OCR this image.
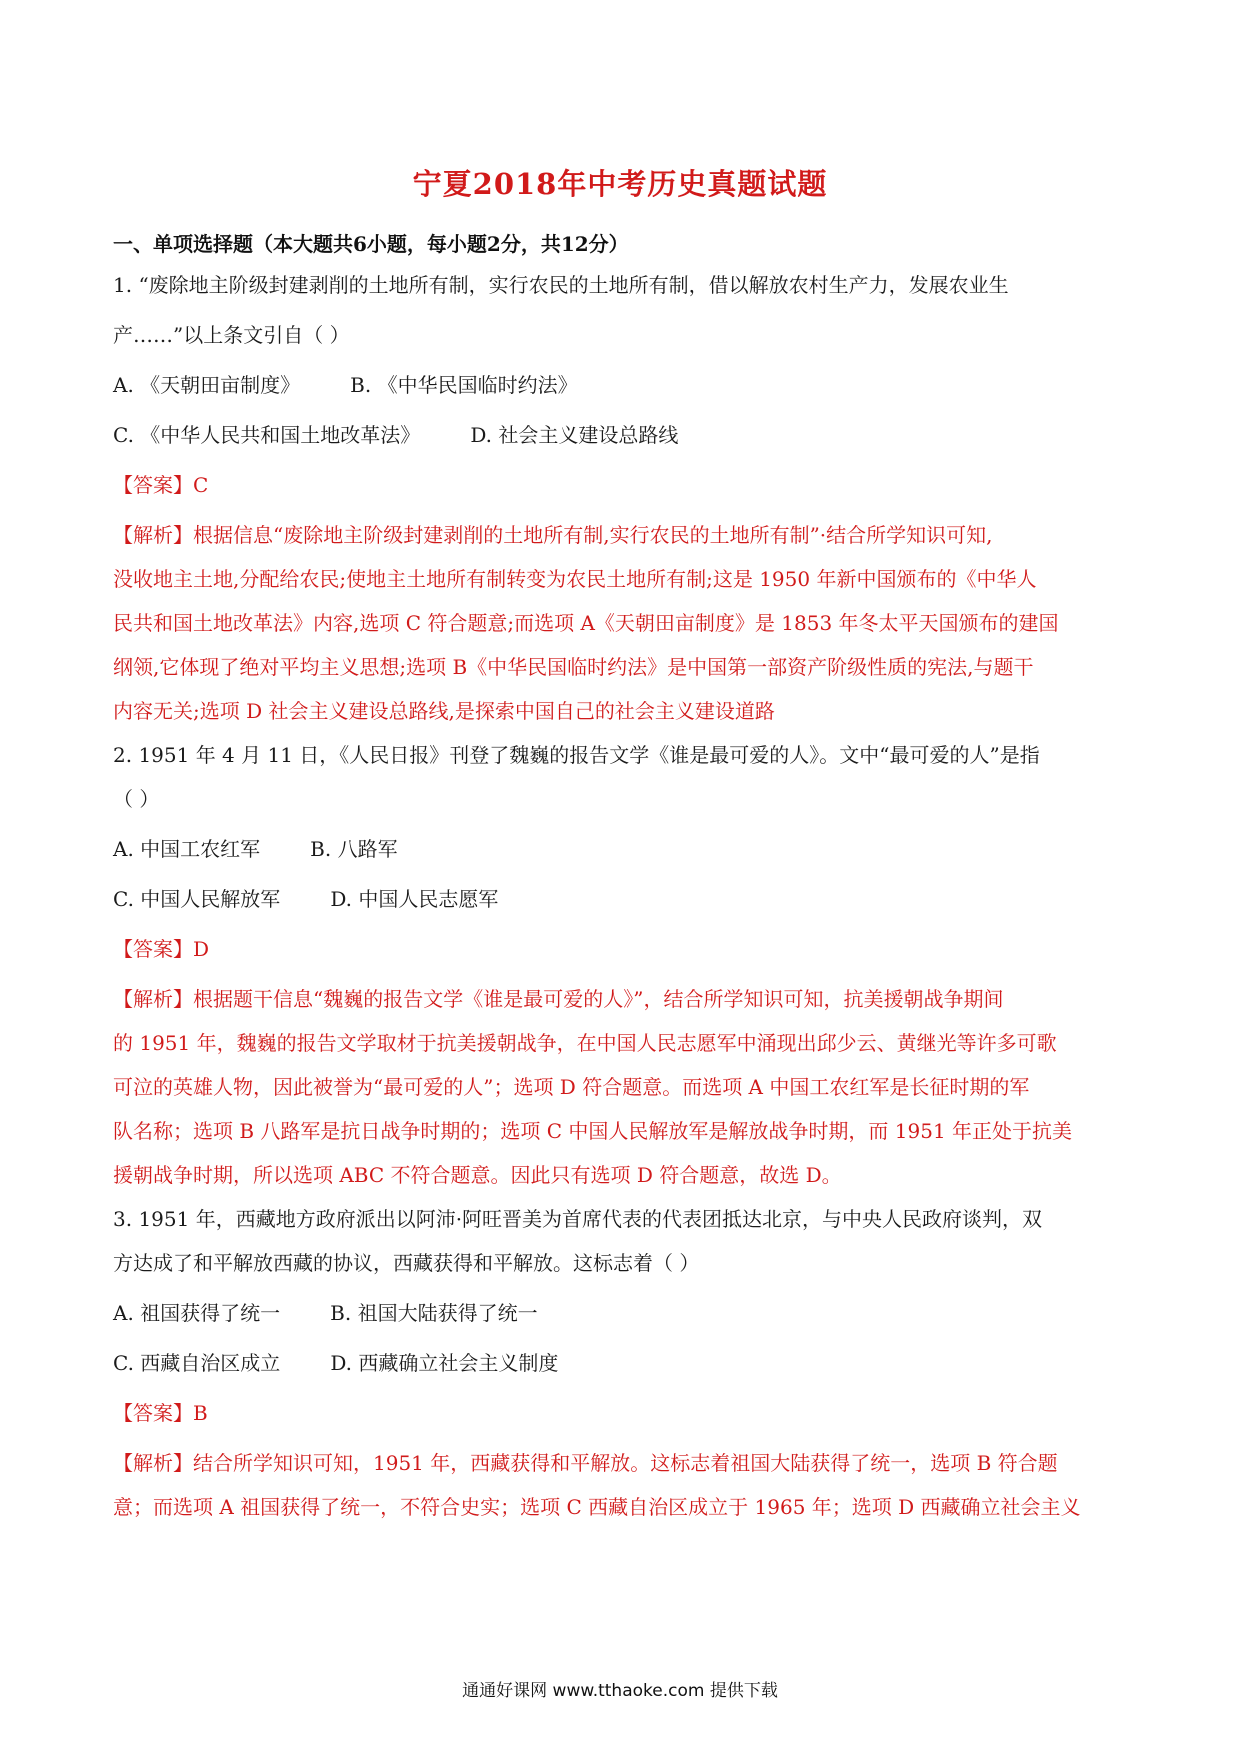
宁夏2018年中考历史真题试题
一、单项选择题（本大题共6小题，每小题2分，共12分）
1. “废除地主阶级封建剥削的土地所有制，实行农民的土地所有制，借以解放农村生产力，发展农业生
产……”以上条文引自（ ）
A. 《天朝田亩制度》	B. 《中华民国临时约法》
C. 《中华人民共和国土地改革法》	D. 社会主义建设总路线
【答案】C
【解析】根据信息“废除地主阶级封建剥削的土地所有制,实行农民的土地所有制”·结合所学知识可知,
没收地主土地,分配给农民;使地主土地所有制转变为农民土地所有制;这是 1950 年新中国颁布的《中华人
民共和国土地改革法》内容,选项 C 符合题意;而选项 A《天朝田亩制度》是 1853 年冬太平天国颁布的建国
纲领,它体现了绝对平均主义思想;选项 B《中华民国临时约法》是中国第一部资产阶级性质的宪法,与题干
内容无关;选项 D 社会主义建设总路线,是探索中国自己的社会主义建设道路
2. 1951 年 4 月 11 日，《人民日报》刊登了魏巍的报告文学《谁是最可爱的人》。文中“最可爱的人”是指
（ ）
A. 中国工农红军	B. 八路军
C. 中国人民解放军	D. 中国人民志愿军
【答案】D
【解析】根据题干信息“魏巍的报告文学《谁是最可爱的人》”，结合所学知识可知，抗美援朝战争期间
的 1951 年，魏巍的报告文学取材于抗美援朝战争，在中国人民志愿军中涌现出邱少云、黄继光等许多可歌
可泣的英雄人物，因此被誉为“最可爱的人”；选项 D 符合题意。而选项 A 中国工农红军是长征时期的军
队名称；选项 B 八路军是抗日战争时期的；选项 C 中国人民解放军是解放战争时期，而 1951 年正处于抗美
援朝战争时期，所以选项 ABC 不符合题意。因此只有选项 D 符合题意，故选 D。
3. 1951 年，西藏地方政府派出以阿沛·阿旺晋美为首席代表的代表团抵达北京，与中央人民政府谈判，双
方达成了和平解放西藏的协议，西藏获得和平解放。这标志着（ ）
A. 祖国获得了统一	B. 祖国大陆获得了统一
C. 西藏自治区成立	D. 西藏确立社会主义制度
【答案】B
【解析】结合所学知识可知，1951 年，西藏获得和平解放。这标志着祖国大陆获得了统一，选项 B 符合题
意；而选项 A 祖国获得了统一，不符合史实；选项 C 西藏自治区成立于 1965 年；选项 D 西藏确立社会主义
通通好课网 www.tthaoke.com 提供下载
